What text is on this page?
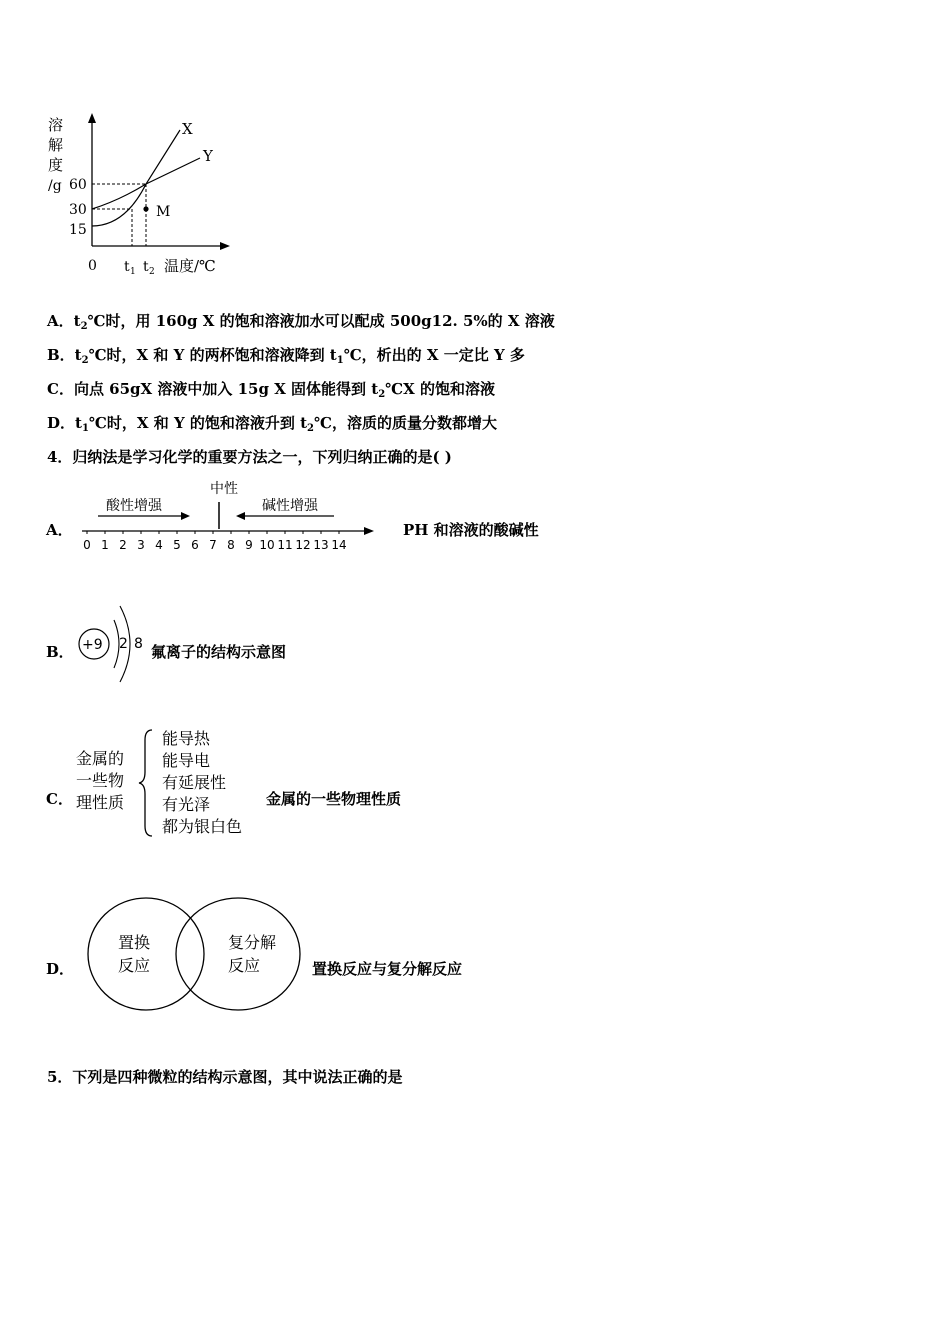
X
Y
M
溶
解
度
/g 60
30
15
0 t 1 t 2 温度/℃
A．$t_2℃$时，用 160g X 的饱和溶液加水可以配成 500g12. 5%的 X 溶液
B．$t_2℃$时，X 和 Y 的两杯饱和溶液降到 $t_1℃$，析出的 X 一定比 Y 多
C．向点 65gX 溶液中加入 15g X 固体能得到 $t_2℃X$ 的饱和溶液
D．$t_1℃$时，X 和 Y 的饱和溶液升到 $t_2℃$，溶质的质量分数都增大
4．归纳法是学习化学的重要方法之一，下列归纳正确的是( )
A．
中性
酸性增强	碱性增强
0 1 2 3 4 5 6 7 8 9 10 11 12 13 14
PH 和溶液的酸碱性
B． +9 2 8 氟离子的结构示意图
C．
金属的
一些物
理性质
能导热
能导电
有延展性
有光泽
都为银白色
金属的一些物理性质
D．
置换
反应
复分解
反应	置换反应与复分解反应
5．下列是四种微粒的结构示意图，其中说法正确的是
